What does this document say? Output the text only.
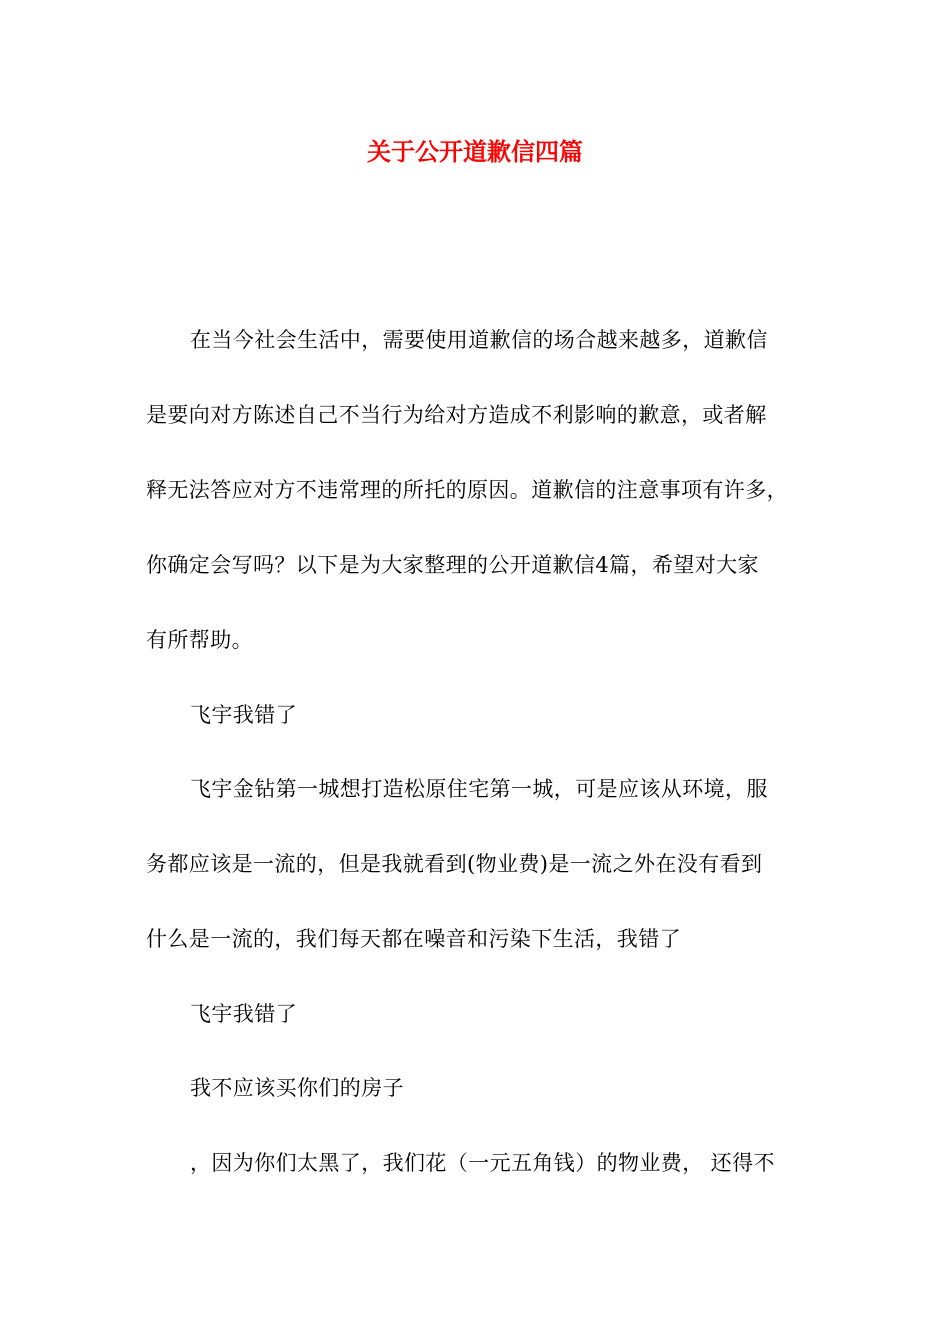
关于公开道歉信四篇

在当今社会生活中，需要使用道歉信的场合越来越多，道歉信

是要向对方陈述自己不当行为给对方造成不利影响的歉意，或者解

释无法答应对方不违常理的所托的原因。道歉信的注意事项有许多，

你确定会写吗？以下是为大家整理的公开道歉信4篇，希望对大家

有所帮助。

飞宇我错了

飞宇金钻第一城想打造松原住宅第一城，可是应该从环境，服

务都应该是一流的，但是我就看到(物业费)是一流之外在没有看到

什么是一流的，我们每天都在噪音和污染下生活，我错了

飞宇我错了

我不应该买你们的房子

，因为你们太黑了，我们花（一元五角钱）的物业费， 还得不
